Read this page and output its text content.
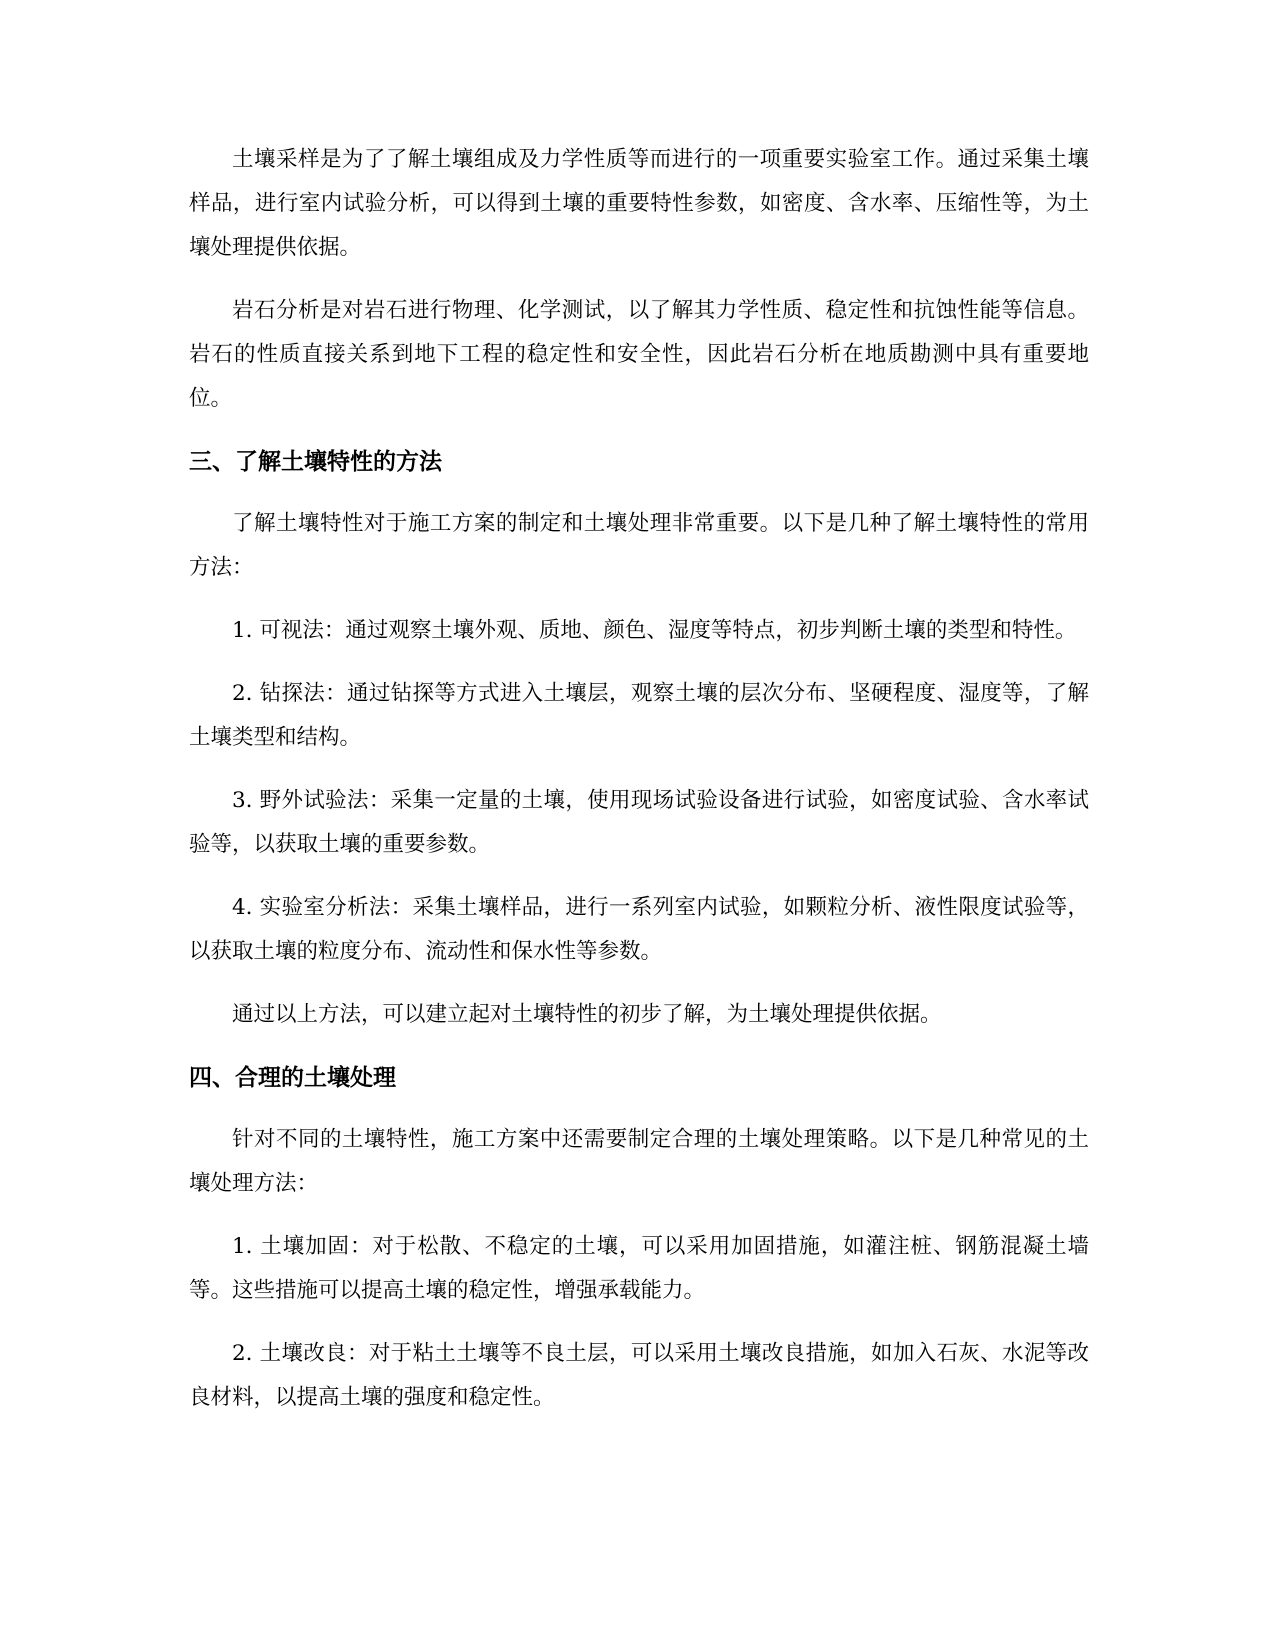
土壤采样是为了了解土壤组成及力学性质等而进行的一项重要实验室工作。通过采集土壤样品，进行室内试验分析，可以得到土壤的重要特性参数，如密度、含水率、压缩性等，为土壤处理提供依据。

岩石分析是对岩石进行物理、化学测试，以了解其力学性质、稳定性和抗蚀性能等信息。岩石的性质直接关系到地下工程的稳定性和安全性，因此岩石分析在地质勘测中具有重要地位。

三、了解土壤特性的方法

了解土壤特性对于施工方案的制定和土壤处理非常重要。以下是几种了解土壤特性的常用方法：

1. 可视法：通过观察土壤外观、质地、颜色、湿度等特点，初步判断土壤的类型和特性。

2. 钻探法：通过钻探等方式进入土壤层，观察土壤的层次分布、坚硬程度、湿度等，了解土壤类型和结构。

3. 野外试验法：采集一定量的土壤，使用现场试验设备进行试验，如密度试验、含水率试验等，以获取土壤的重要参数。

4. 实验室分析法：采集土壤样品，进行一系列室内试验，如颗粒分析、液性限度试验等，以获取土壤的粒度分布、流动性和保水性等参数。

通过以上方法，可以建立起对土壤特性的初步了解，为土壤处理提供依据。

四、合理的土壤处理

针对不同的土壤特性，施工方案中还需要制定合理的土壤处理策略。以下是几种常见的土壤处理方法：

1. 土壤加固：对于松散、不稳定的土壤，可以采用加固措施，如灌注桩、钢筋混凝土墙等。这些措施可以提高土壤的稳定性，增强承载能力。

2. 土壤改良：对于粘土土壤等不良土层，可以采用土壤改良措施，如加入石灰、水泥等改良材料，以提高土壤的强度和稳定性。
